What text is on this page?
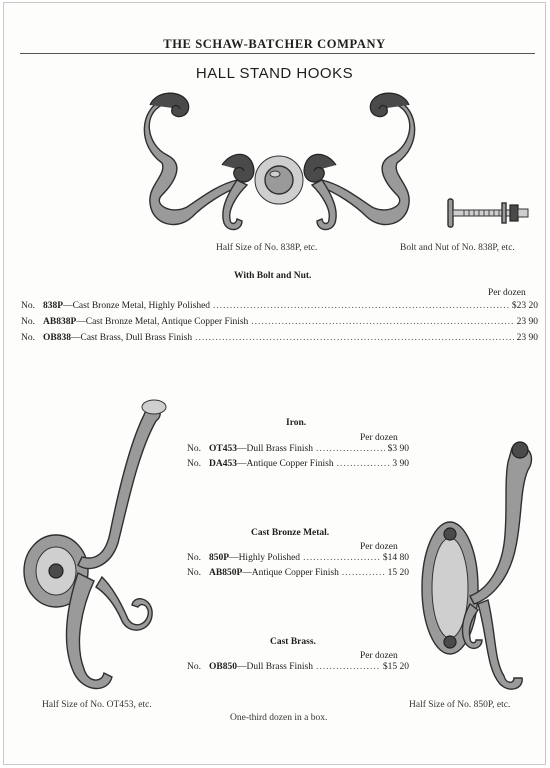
THE SCHAW-BATCHER COMPANY
HALL STAND HOOKS
Half Size of No. 838P, etc.	Bolt and Nut of No. 838P, etc.
With Bolt and Nut.
Per dozen
No. 838P —Cast Bronze Metal, Highly Polished .....	$23 20
No. AB838P —Cast Bronze Metal, Antique Copper Finish .....	23 90
No. OB838 —Cast Brass, Dull Brass Finish .....	23 90
Iron.
Per dozen
No. OT453 —Dull Brass Finish .....	$3 90
No. DA453 —Antique Copper Finish .....	3 90
Cast Bronze Metal.
Per dozen
No. 850P —Highly Polished .....	$14 80
No. AB850P —Antique Copper Finish .....	15 20
Cast Brass.
Per dozen
No. OB850 —Dull Brass Finish .....	$15 20
Half Size of No. OT453, etc.	Half Size of No. 850P, etc.
One-third dozen in a box.
